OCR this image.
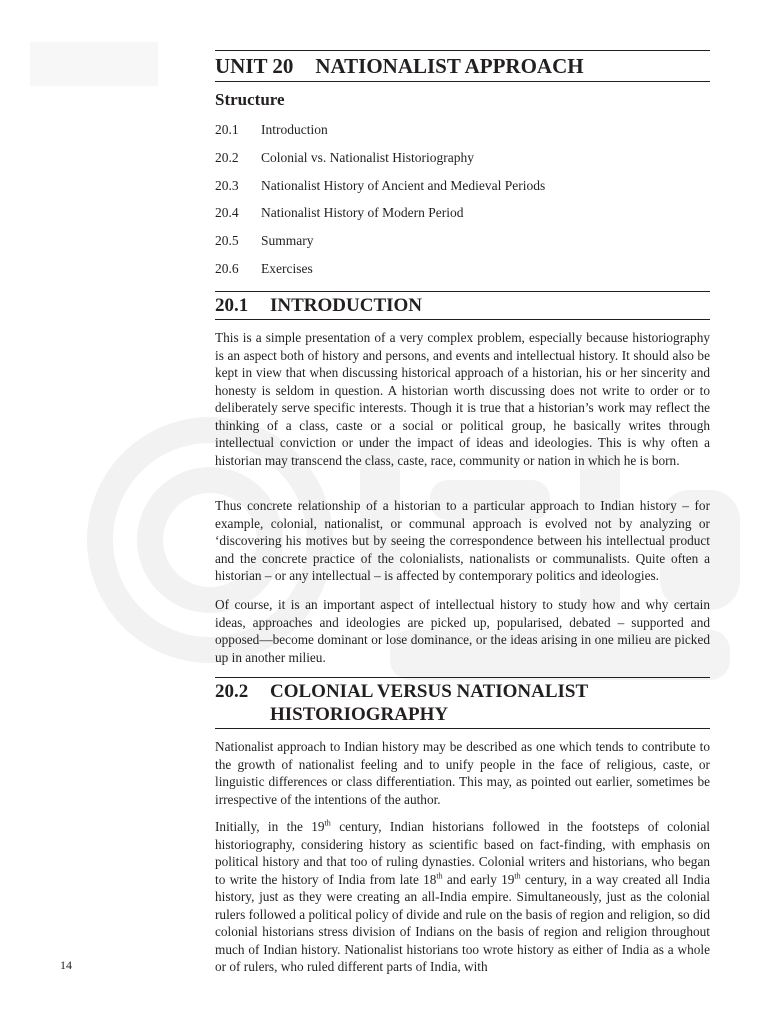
UNIT 20 NATIONALIST APPROACH
Structure
20.1 Introduction
20.2 Colonial vs. Nationalist Historiography
20.3 Nationalist History of Ancient and Medieval Periods
20.4 Nationalist History of Modern Period
20.5 Summary
20.6 Exercises
20.1 INTRODUCTION

This is a simple presentation of a very complex problem, especially because historiography is an aspect both of history and persons, and events and intellectual history. It should also be kept in view that when discussing historical approach of a historian, his or her sincerity and honesty is seldom in question. A historian worth discussing does not write to order or to deliberately serve specific interests. Though it is true that a historian’s work may reflect the thinking of a class, caste or a social or political group, he basically writes through intellectual conviction or under the impact of ideas and ideologies. This is why often a historian may transcend the class, caste, race, community or nation in which he is born.

Thus concrete relationship of a historian to a particular approach to Indian history – for example, colonial, nationalist, or communal approach is evolved not by analyzing or ‘discovering his motives but by seeing the correspondence between his intellectual product and the concrete practice of the colonialists, nationalists or communalists. Quite often a historian – or any intellectual – is affected by contemporary politics and ideologies.

Of course, it is an important aspect of intellectual history to study how and why certain ideas, approaches and ideologies are picked up, popularised, debated – supported and opposed—become dominant or lose dominance, or the ideas arising in one milieu are picked up in another milieu.

20.2 COLONIAL VERSUS NATIONALIST
HISTORIOGRAPHY

Nationalist approach to Indian history may be described as one which tends to contribute to the growth of nationalist feeling and to unify people in the face of religious, caste, or linguistic differences or class differentiation. This may, as pointed out earlier, sometimes be irrespective of the intentions of the author.

Initially, in the 19th century, Indian historians followed in the footsteps of colonial historiography, considering history as scientific based on fact-finding, with emphasis on political history and that too of ruling dynasties. Colonial writers and historians, who began to write the history of India from late 18th and early 19th century, in a way created all India history, just as they were creating an all-India empire. Simultaneously, just as the colonial rulers followed a political policy of divide and rule on the basis of region and religion, so did colonial historians stress division of Indians on the basis of region and religion throughout much of Indian history. Nationalist historians too wrote history as either of India as a whole or of rulers, who ruled different parts of India, with

14
